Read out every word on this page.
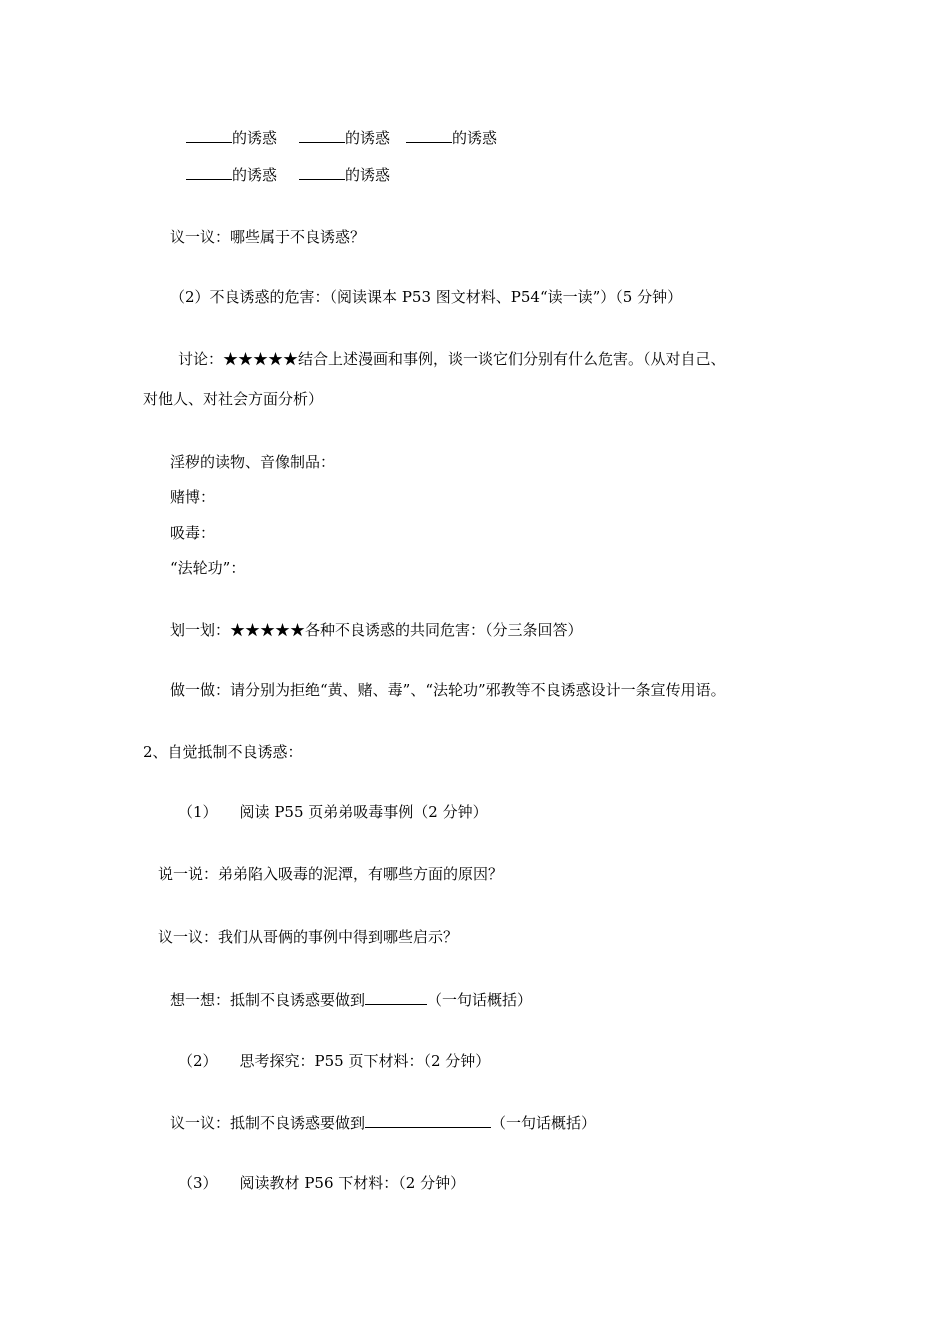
的诱惑	的诱惑	的诱惑
的诱惑	的诱惑
议一议：哪些属于不良诱惑？
（2）不良诱惑的危害：（阅读课本 P53 图文材料、P54“读一读”）（5 分钟）
讨论：★★★★★结合上述漫画和事例，谈一谈它们分别有什么危害。（从对自己、
对他人、对社会方面分析）
淫秽的读物、音像制品：
赌博：
吸毒：
“法轮功”：
划一划：★★★★★各种不良诱惑的共同危害：（分三条回答）
做一做：请分别为拒绝“黄、赌、毒”、“法轮功”邪教等不良诱惑设计一条宣传用语。
2、自觉抵制不良诱惑：
（1） 阅读 P55 页弟弟吸毒事例（2 分钟）
说一说：弟弟陷入吸毒的泥潭，有哪些方面的原因？
议一议：我们从哥俩的事例中得到哪些启示？
想一想：抵制不良诱惑要做到	（一句话概括）
（2） 思考探究：P55 页下材料：（2 分钟）
议一议：抵制不良诱惑要做到	（一句话概括）
（3） 阅读教材 P56 下材料：（2 分钟）
